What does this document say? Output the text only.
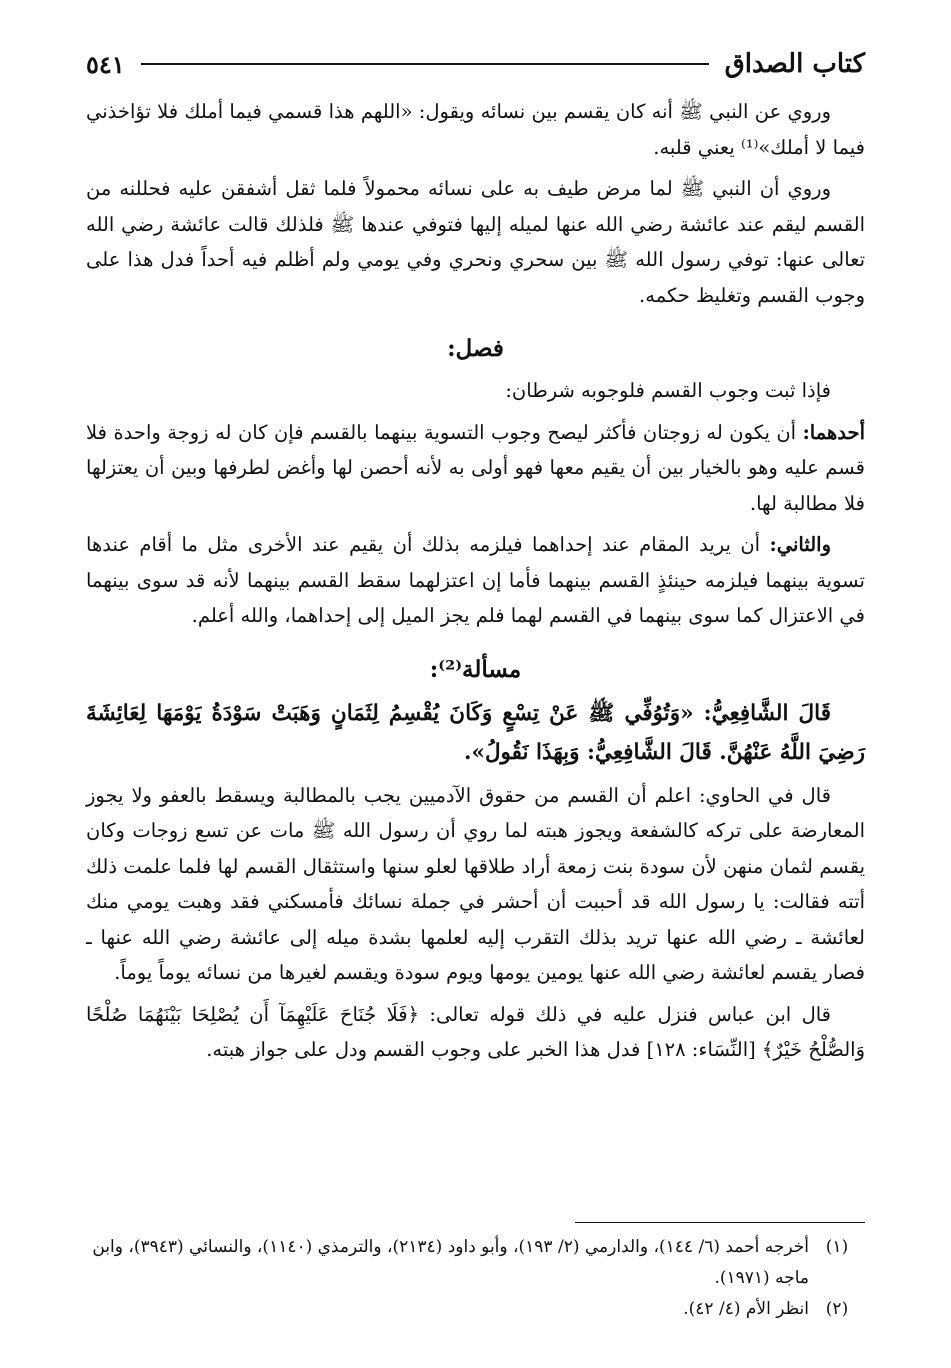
كتاب الصداق
٥٤١

وروي عن النبي ﷺ أنه كان يقسم بين نسائه ويقول: «اللهم هذا قسمي فيما أملك فلا تؤاخذني فيما لا أملك»⁽¹⁾ يعني قلبه.

وروي أن النبي ﷺ لما مرض طيف به على نسائه محمولاً فلما ثقل أشفقن عليه فحللنه من القسم ليقم عند عائشة رضي الله عنها لميله إليها فتوفي عندها ﷺ فلذلك قالت عائشة رضي الله تعالى عنها: توفي رسول الله ﷺ بين سحري ونحري وفي يومي ولم أظلم فيه أحداً فدل هذا على وجوب القسم وتغليظ حكمه.

فصل:

فإذا ثبت وجوب القسم فلوجوبه شرطان:

أحدهما: أن يكون له زوجتان فأكثر ليصح وجوب التسوية بينهما بالقسم فإن كان له زوجة واحدة فلا قسم عليه وهو بالخيار بين أن يقيم معها فهو أولى به لأنه أحصن لها وأغض لطرفها وبين أن يعتزلها فلا مطالبة لها.

والثاني: أن يريد المقام عند إحداهما فيلزمه بذلك أن يقيم عند الأخرى مثل ما أقام عندها تسوية بينهما فيلزمه حينئذٍ القسم بينهما فأما إن اعتزلهما سقط القسم بينهما لأنه قد سوى بينهما في الاعتزال كما سوى بينهما في القسم لهما فلم يجز الميل إلى إحداهما، والله أعلم.

مسألة⁽²⁾:

قَالَ الشَّافِعِيُّ: «وَتُوُفِّي ﷺ عَنْ تِسْعٍ وَكَانَ يُقْسِمُ لِثَمَانٍ وَهَبَتْ سَوْدَةُ يَوْمَهَا لِعَائِشَةَ رَضِيَ اللَّهُ عَنْهُنَّ. قَالَ الشَّافِعِيُّ: وَبِهَذَا نَقُولُ».

قال في الحاوي: اعلم أن القسم من حقوق الآدميين يجب بالمطالبة ويسقط بالعفو ولا يجوز المعارضة على تركه كالشفعة ويجوز هبته لما روي أن رسول الله ﷺ مات عن تسع زوجات وكان يقسم لثمان منهن لأن سودة بنت زمعة أراد طلاقها لعلو سنها واستثقال القسم لها فلما علمت ذلك أتته فقالت: يا رسول الله قد أحببت أن أحشر في جملة نسائك فأمسكني فقد وهبت يومي منك لعائشة ـ رضي الله عنها تريد بذلك التقرب إليه لعلمها بشدة ميله إلى عائشة رضي الله عنها ـ فصار يقسم لعائشة رضي الله عنها يومين يومها ويوم سودة ويقسم لغيرها من نسائه يوماً يوماً.

قال ابن عباس فنزل عليه في ذلك قوله تعالى: ﴿فَلَا جُنَاحَ عَلَيْهِمَآ أَن يُصْلِحَا بَيْنَهُمَا صُلْحًا وَالصُّلْحُ خَيْرٌ﴾ [النِّسَاء: ١٢٨] فدل هذا الخبر على وجوب القسم ودل على جواز هبته.

(١)
أخرجه أحمد (٦/ ١٤٤)، والدارمي (٢/ ١٩٣)، وأبو داود (٢١٣٤)، والترمذي (١١٤٠)، والنسائي (٣٩٤٣)، وابن ماجه (١٩٧١).
(٢)
انظر الأم (٤/ ٤٢).
